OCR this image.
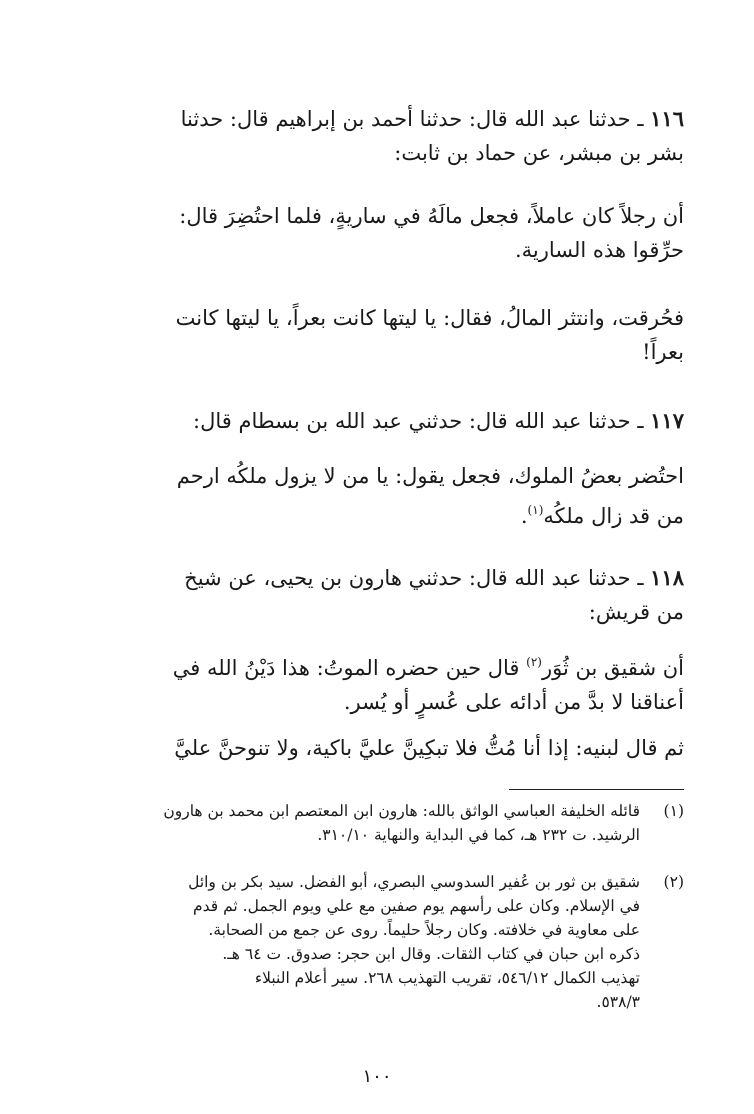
١١٦ ـ حدثنا عبد الله قال: حدثنا أحمد بن إبراهيم قال: حدثنا
بشر بن مبشر، عن حماد بن ثابت:
أن رجلاً كان عاملاً، فجعل مالَهُ في ساريةٍ، فلما احتُضِرَ قال:
حرِّقوا هذه السارية.
فحُرقت، وانتثر المالُ، فقال: يا ليتها كانت بعراً، يا ليتها كانت
بعراً!
١١٧ ـ حدثنا عبد الله قال: حدثني عبد الله بن بسطام قال:
احتُضر بعضُ الملوك، فجعل يقول: يا من لا يزول ملكُه ارحم
من قد زال ملكُه$^{(١)}$.
١١٨ ـ حدثنا عبد الله قال: حدثني هارون بن يحيى، عن شيخ
من قريش:
أن شقيق بن ثُوَر$^{(٢)}$ قال حين حضره الموتُ: هذا دَيْنُ الله في
أعناقنا لا بدَّ من أدائه على عُسرٍ أو يُسر.
ثم قال لبنيه: إذا أنا مُتُّ فلا تبكِينَّ عليَّ باكية، ولا تنوحنَّ عليَّ
(١)
قائله الخليفة العباسي الواثق بالله: هارون ابن المعتصم ابن محمد بن هارون
الرشيد. ت ٢٣٢ هـ، كما في البداية والنهاية ٣١٠/١٠.
(٢)
شقيق بن ثور بن عُفير السدوسي البصري، أبو الفضل. سيد بكر بن وائل
في الإسلام. وكان على رأسهم يوم صفين مع علي ويوم الجمل. ثم قدم
على معاوية في خلافته. وكان رجلاً حليماً. روى عن جمع من الصحابة.
ذكره ابن حبان في كتاب الثقات. وقال ابن حجر: صدوق. ت ٦٤ هـ.
تهذيب الكمال ٥٤٦/١٢، تقريب التهذيب ٢٦٨. سير أعلام النبلاء
٥٣٨/٣.
١٠٠
